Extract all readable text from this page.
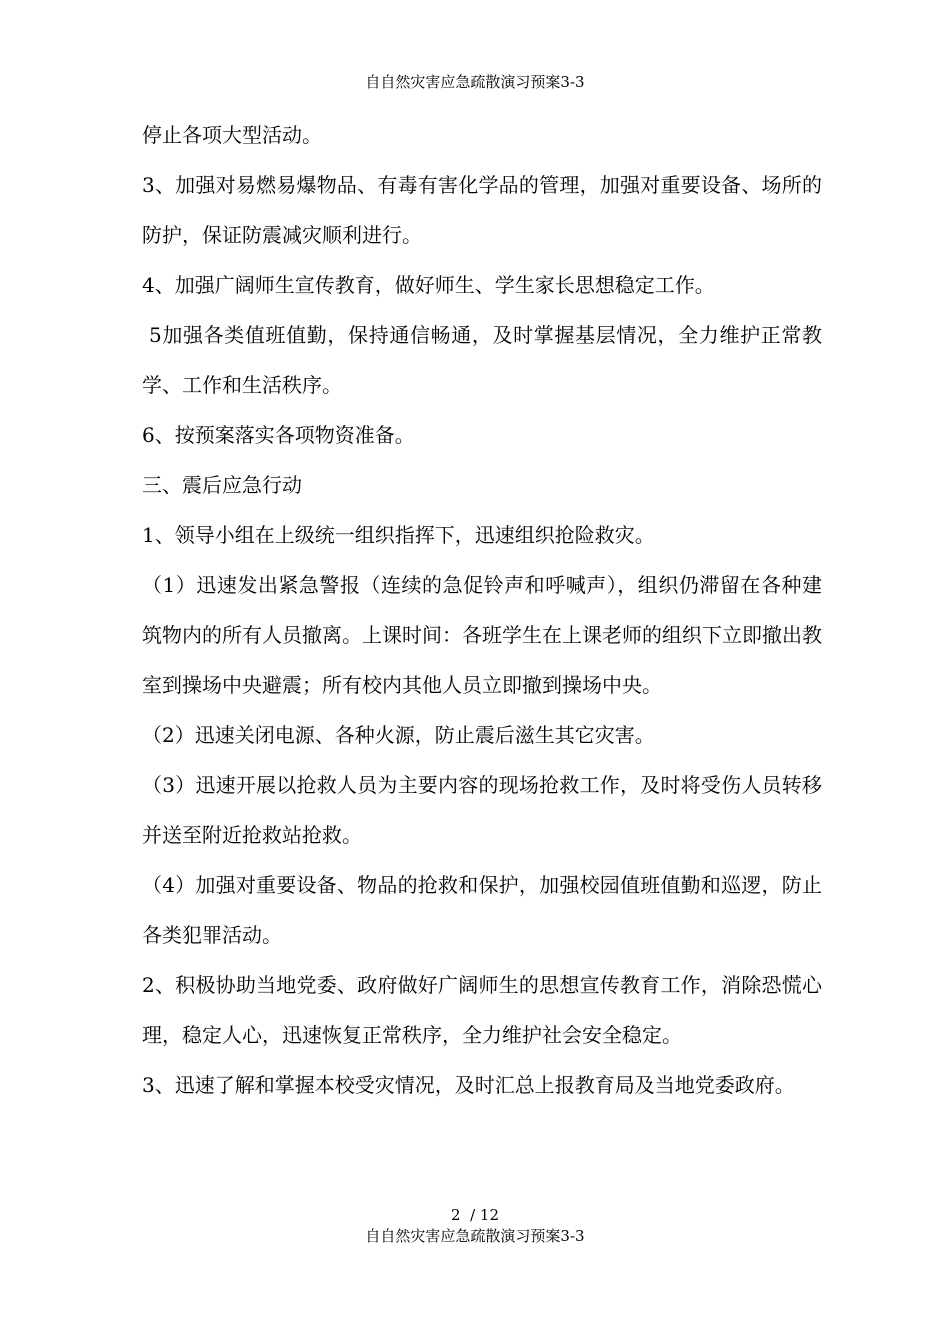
自自然灾害应急疏散演习预案3-3

停止各项大型活动。

3、加强对易燃易爆物品、有毒有害化学品的管理，加强对重要设备、场所的防护，保证防震减灾顺利进行。

4、加强广阔师生宣传教育，做好师生、学生家长思想稳定工作。

5加强各类值班值勤，保持通信畅通，及时掌握基层情况，全力维护正常教学、工作和生活秩序。

6、按预案落实各项物资准备。

三、震后应急行动

1、领导小组在上级统一组织指挥下，迅速组织抢险救灾。

（1）迅速发出紧急警报（连续的急促铃声和呼喊声），组织仍滞留在各种建筑物内的所有人员撤离。上课时间：各班学生在上课老师的组织下立即撤出教室到操场中央避震；所有校内其他人员立即撤到操场中央。

（2）迅速关闭电源、各种火源，防止震后滋生其它灾害。

（3）迅速开展以抢救人员为主要内容的现场抢救工作，及时将受伤人员转移并送至附近抢救站抢救。

（4）加强对重要设备、物品的抢救和保护，加强校园值班值勤和巡逻，防止各类犯罪活动。

2、积极协助当地党委、政府做好广阔师生的思想宣传教育工作，消除恐慌心理，稳定人心，迅速恢复正常秩序，全力维护社会安全稳定。

3、迅速了解和掌握本校受灾情况，及时汇总上报教育局及当地党委政府。

2  / 12
自自然灾害应急疏散演习预案3-3
